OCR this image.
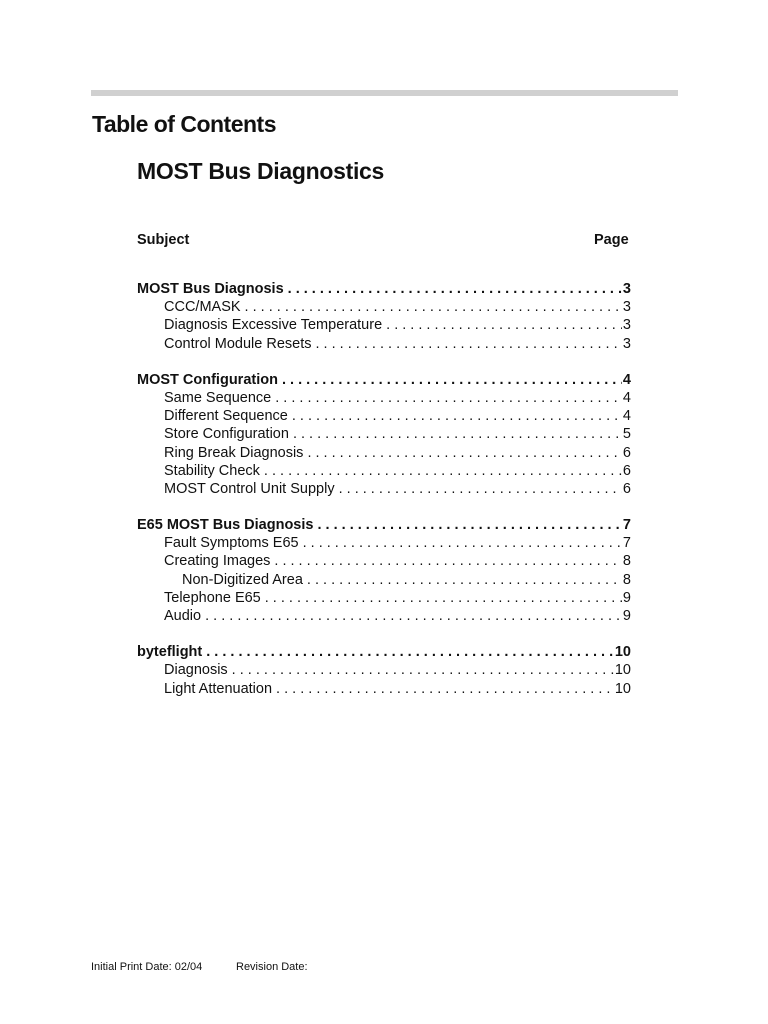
Table of Contents
MOST Bus Diagnostics
Subject	Page
MOST Bus Diagnosis . . .	3
CCC/MASK . . .	3
Diagnosis Excessive Temperature . . .	3
Control Module Resets . . .	3
MOST Configuration . . .	4
Same Sequence . . .	4
Different Sequence . . .	4
Store Configuration . . .	5
Ring Break Diagnosis . . .	6
Stability Check . . .	6
MOST Control Unit Supply . . .	6
E65 MOST Bus Diagnosis . . .	7
Fault Symptoms E65 . . .	7
Creating Images . . .	8
Non-Digitized Area . . .	8
Telephone E65 . . .	9
Audio . . .	9
byteflight . . .	10
Diagnosis . . .	10
Light Attenuation . . .	10
Initial Print Date: 02/04	Revision Date:
